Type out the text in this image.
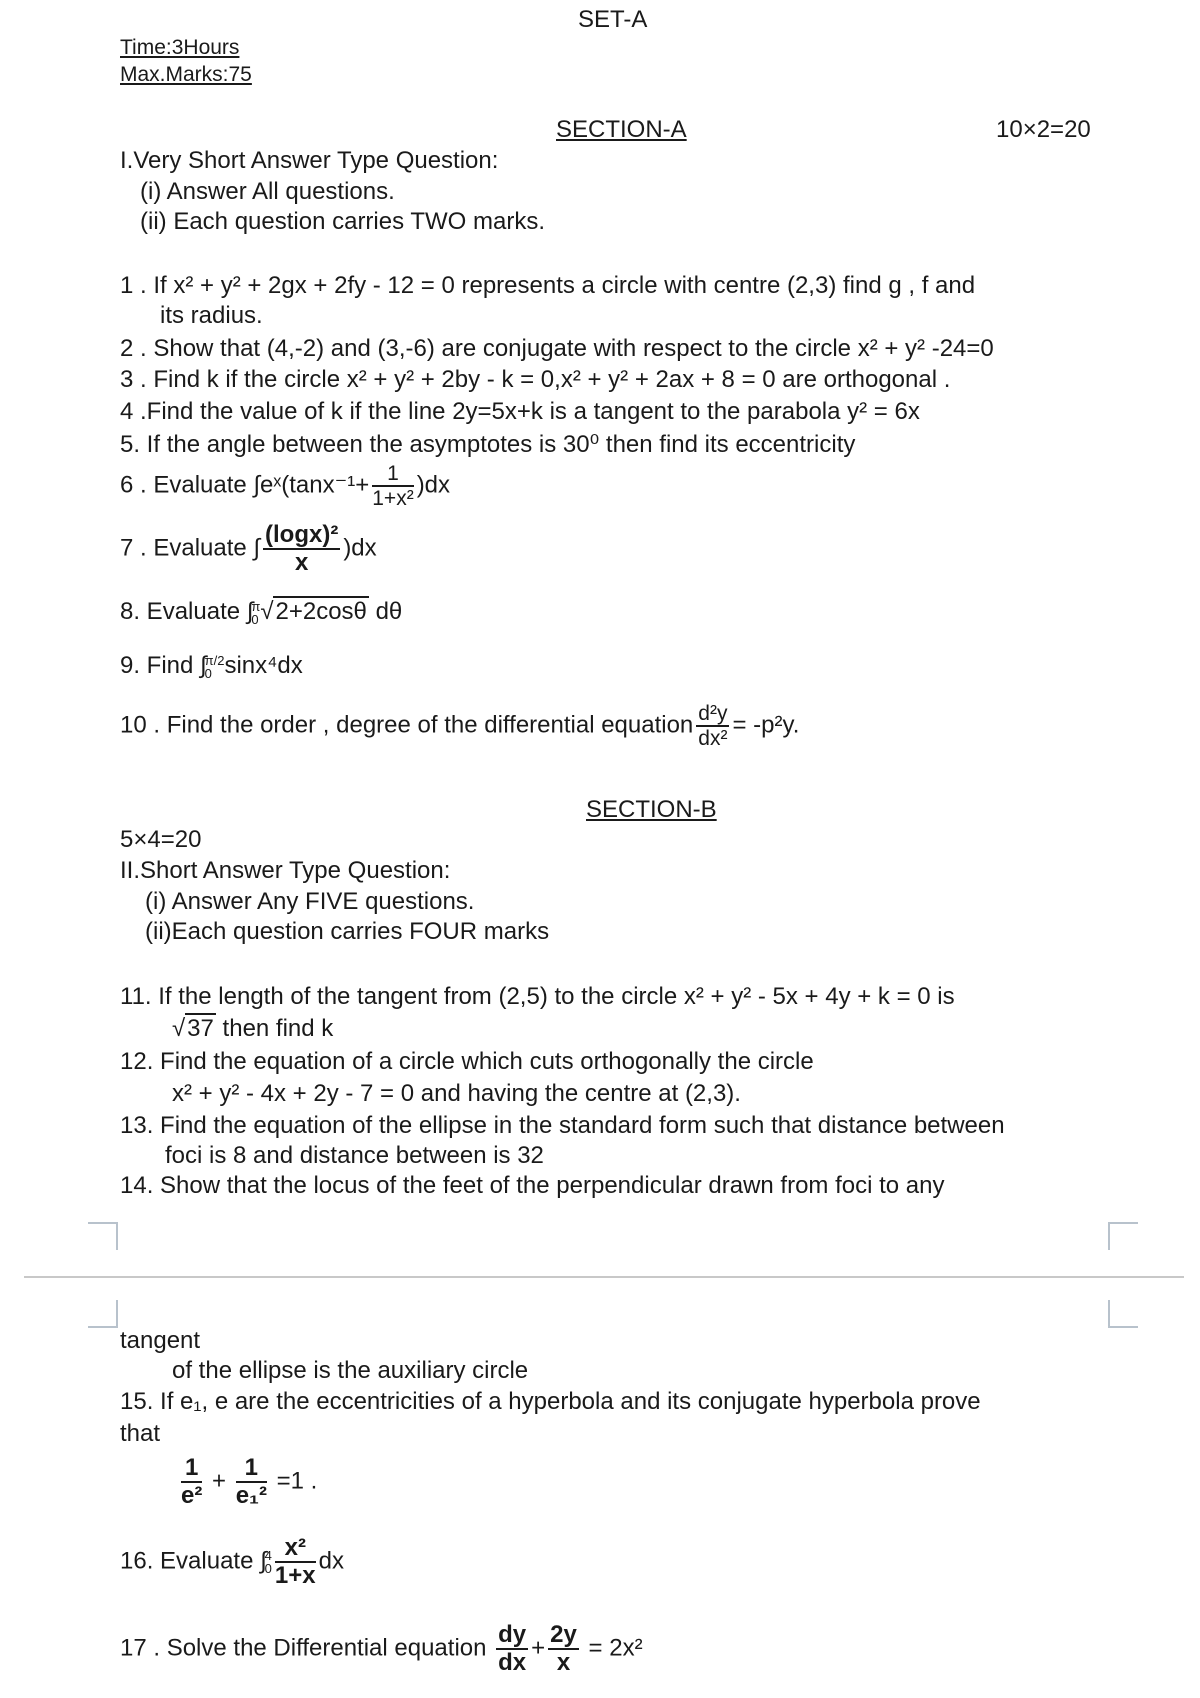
SET-A
Time:3Hours
Max.Marks:75
SECTION-A	10×2=20
I.Very Short Answer Type Question:
(i) Answer All questions.
(ii) Each question carries TWO marks.
1 . If x² + y² + 2gx + 2fy - 12 = 0 represents a circle with centre (2,3) find g , f and
its radius.
2 . Show that (4,-2) and (3,-6) are conjugate with respect to the circle x² + y² -24=0
3 . Find k if the circle x² + y² + 2by - k = 0,x² + y² + 2ax + 8 = 0 are orthogonal .
4 .Find the value of k if the line 2y=5x+k is a tangent to the parabola y² = 6x
5. If the angle between the asymptotes is 30⁰ then find its eccentricity
6 . Evaluate ∫eˣ(tanx⁻¹+ $\frac{1}{\text{1+x²}} )dx$
7 . Evaluate ∫ $\frac{\text{(logx)²}}{x} )dx$
8. Evaluate ∫
π
0 √2+2cosθ dθ
9. Find ∫
π/2
0 sinx⁴dx
10 . Find the order , degree of the differential equation $\frac{\text{d²y}}{\text{dx²}} = -p^2y$.
SECTION-B
5×4=20
II.Short Answer Type Question:
(i) Answer Any FIVE questions.
(ii)Each question carries FOUR marks
11. If the length of the tangent from (2,5) to the circle x² + y² - 5x + 4y + k = 0 is
√37 then find k
12. Find the equation of a circle which cuts orthogonally the circle
x² + y² - 4x + 2y - 7 = 0 and having the centre at (2,3).
13. Find the equation of the ellipse in the standard form such that distance between
foci is 8 and distance between is 32
14. Show that the locus of the feet of the perpendicular drawn from foci to any
tangent
of the ellipse is the auxiliary circle
15. If e₁, e are the eccentricities of a hyperbola and its conjugate hyperbola prove
that
$\frac{1}{\text{e²}} + \frac{1}{\text{e₁²}} =1$ .
16. Evaluate ∫
4
$0 \frac{\text{x²}}{1+x}$ dx
17 . Solve the Differential equation $\frac{dy}{dx} + \frac{2y}{x} = 2x^2$
